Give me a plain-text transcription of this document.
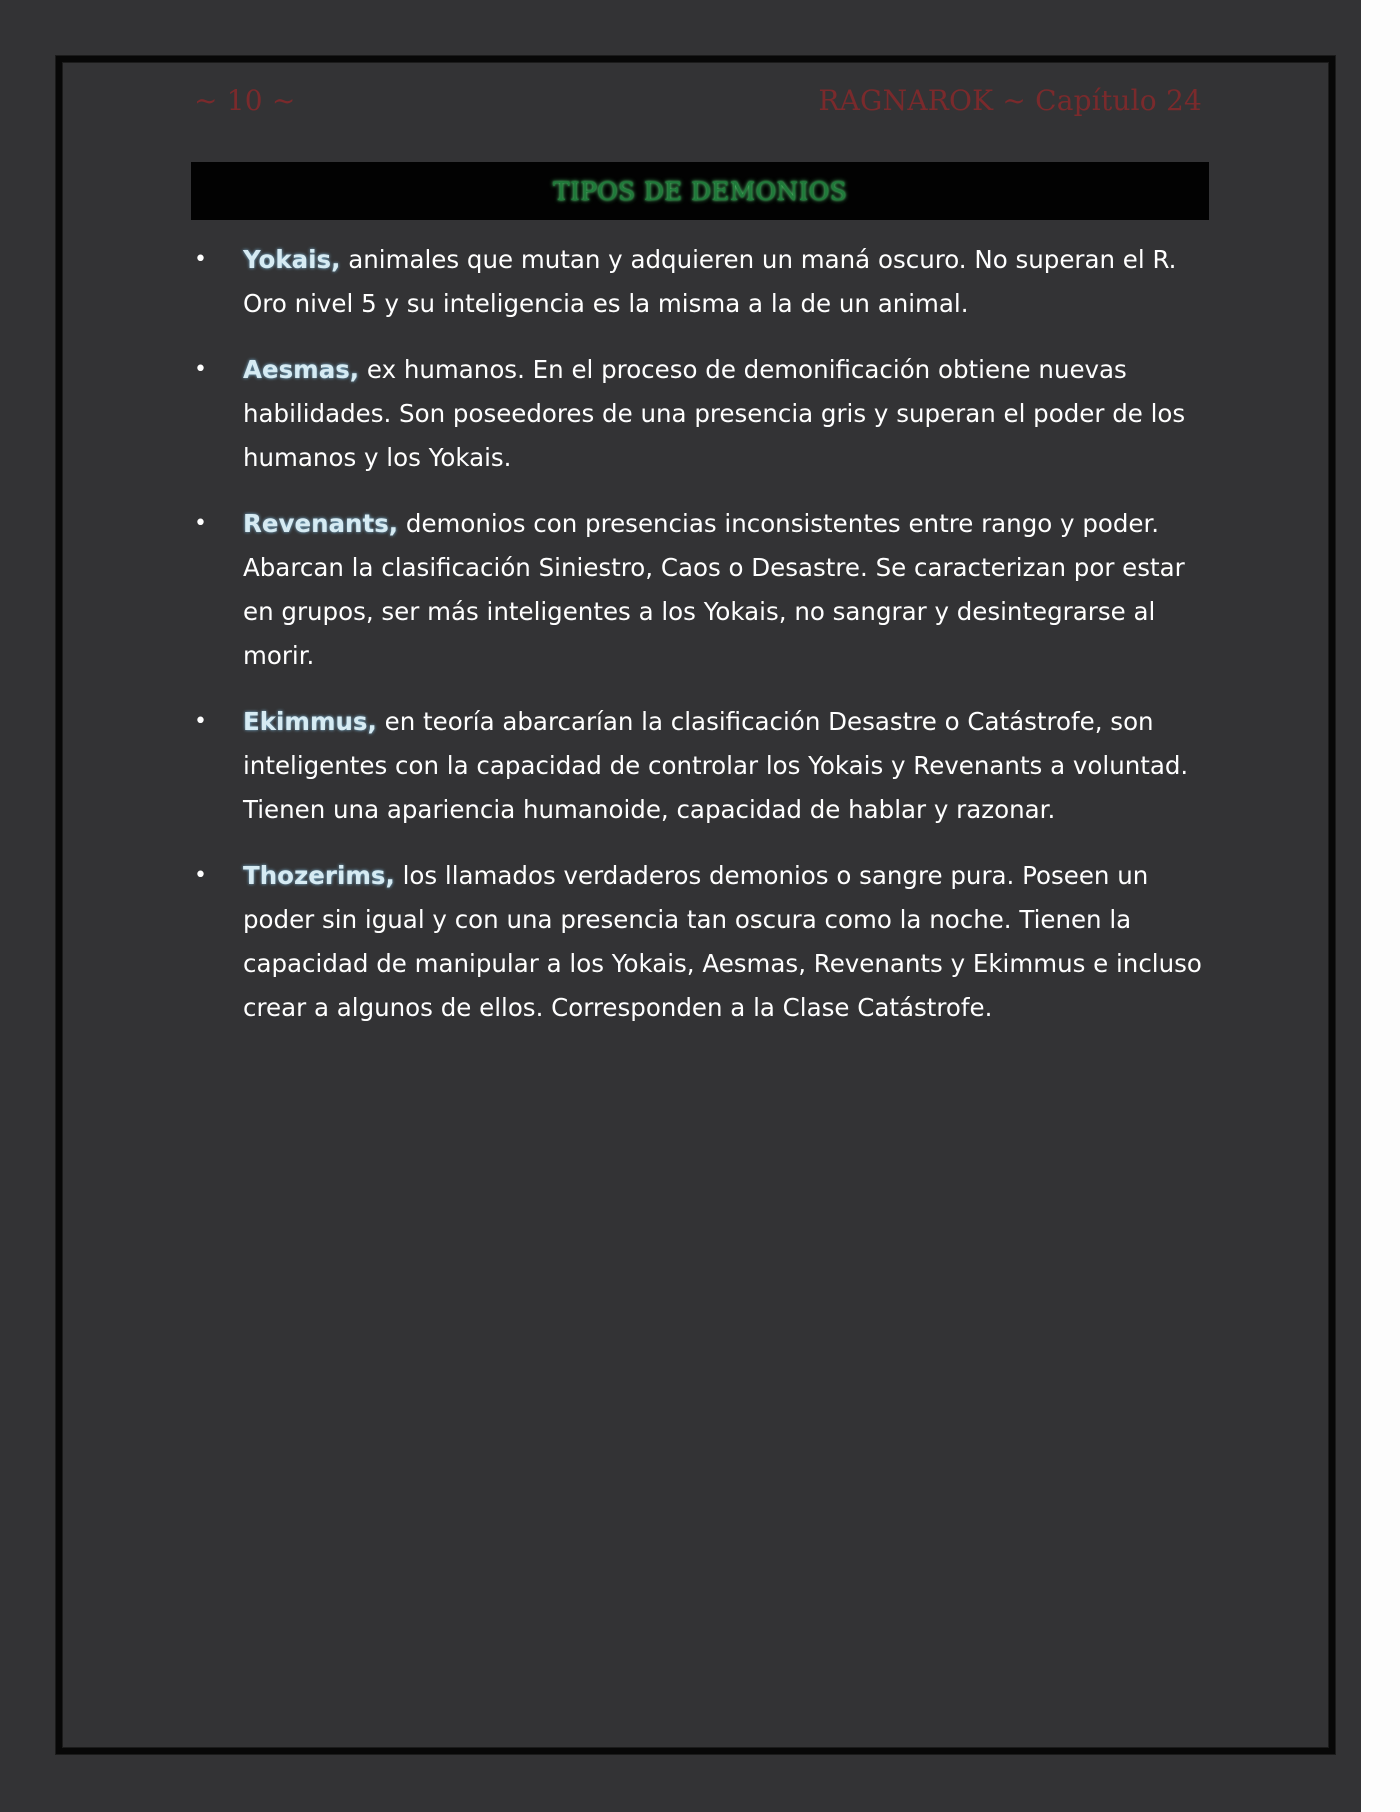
~ 10 ~	RAGNAROK ~ Capítulo 24
TIPOS DE DEMONIOS
• Yokais, animales que mutan y adquieren un maná oscuro. No superan el R. Oro nivel 5 y su inteligencia es la misma a la de un animal.
• Aesmas, ex humanos. En el proceso de demonificación obtiene nuevas habilidades. Son poseedores de una presencia gris y superan el poder de los humanos y los Yokais.
• Revenants, demonios con presencias inconsistentes entre rango y poder. Abarcan la clasificación Siniestro, Caos o Desastre. Se caracterizan por estar en grupos, ser más inteligentes a los Yokais, no sangrar y desintegrarse al morir.
• Ekimmus, en teoría abarcarían la clasificación Desastre o Catástrofe, son inteligentes con la capacidad de controlar los Yokais y Revenants a voluntad. Tienen una apariencia humanoide, capacidad de hablar y razonar.
• Thozerims, los llamados verdaderos demonios o sangre pura. Poseen un poder sin igual y con una presencia tan oscura como la noche. Tienen la capacidad de manipular a los Yokais, Aesmas, Revenants y Ekimmus e incluso crear a algunos de ellos. Corresponden a la Clase Catástrofe.
